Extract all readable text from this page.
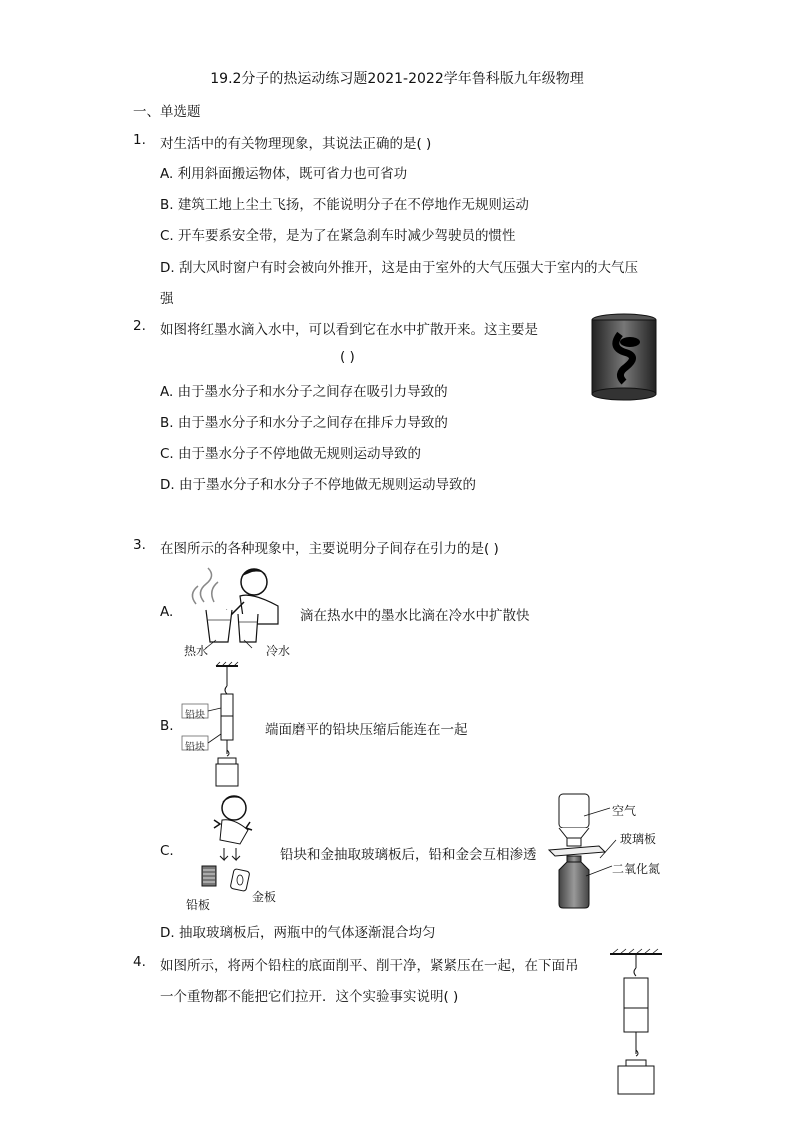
19.2分子的热运动练习题2021-2022学年鲁科版九年级物理
一、单选题
1. 对生活中的有关物理现象，其说法正确的是( )
A. 利用斜面搬运物体，既可省力也可省功
B. 建筑工地上尘土飞扬，不能说明分子在不停地作无规则运动
C. 开车要系安全带，是为了在紧急刹车时减少驾驶员的惯性
D. 刮大风时窗户有时会被向外推开，这是由于室外的大气压强大于室内的大气压
强
2. 如图将红墨水滴入水中，可以看到它在水中扩散开来。这主要是
( )
A. 由于墨水分子和水分子之间存在吸引力导致的
B. 由于墨水分子和水分子之间存在排斥力导致的
C. 由于墨水分子不停地做无规则运动导致的
D. 由于墨水分子和水分子不停地做无规则运动导致的
3. 在图所示的各种现象中，主要说明分子间存在引力的是( )
A.
热水	冷水
滴在热水中的墨水比滴在冷水中扩散快
B.
铅块
铅块
端面磨平的铅块压缩后能连在一起
C.
铅板
金板
铅块和金抽取玻璃板后，铅和金会互相渗透
空气
玻璃板
二氧化氮
D. 抽取玻璃板后，两瓶中的气体逐渐混合均匀
4. 如图所示，将两个铅柱的底面削平、削干净，紧紧压在一起，在下面吊
一个重物都不能把它们拉开．这个实验事实说明( )
